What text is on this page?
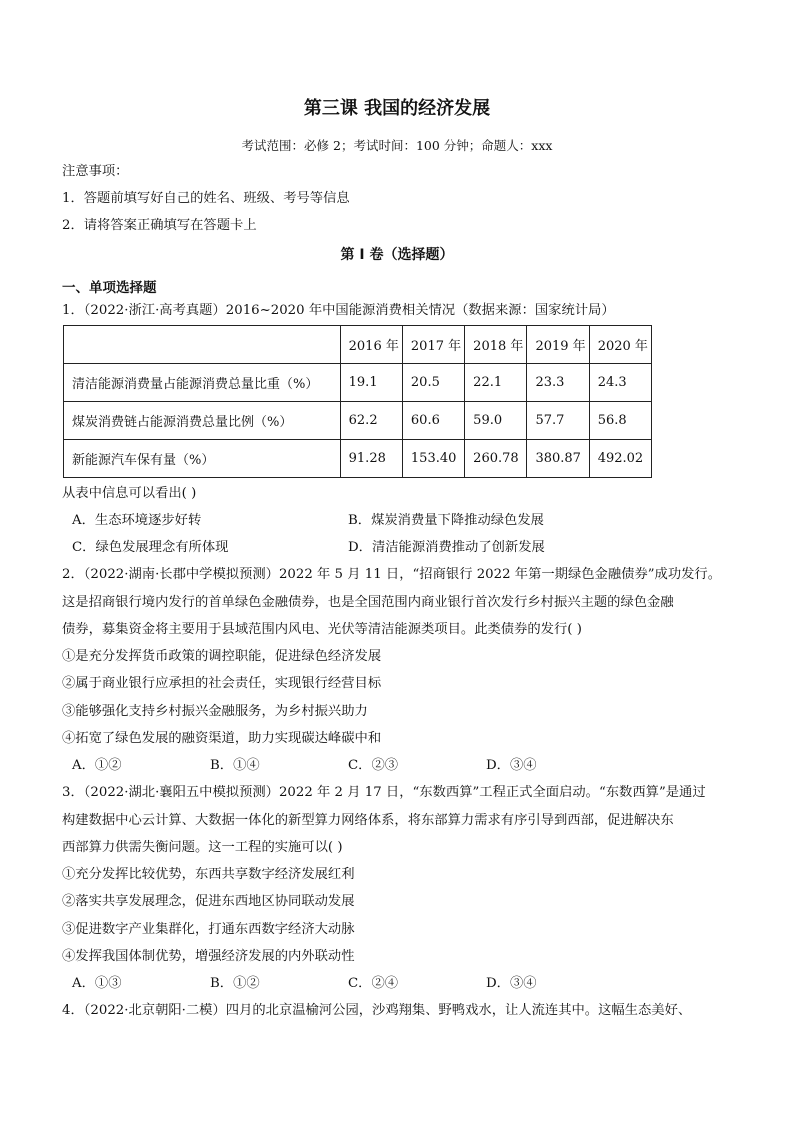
第三课 我国的经济发展
考试范围：必修 2；考试时间：100 分钟；命题人：xxx
注意事项：
1．答题前填写好自己的姓名、班级、考号等信息
2．请将答案正确填写在答题卡上
第 I 卷（选择题）
一、单项选择题
1．（2022·浙江·高考真题）2016~2020 年中国能源消费相关情况（数据来源：国家统计局）
	2016 年	2017 年	2018 年	2019 年	2020 年
清洁能源消费量占能源消费总量比重（%）	19.1	20.5	22.1	23.3	24.3
煤炭消费链占能源消费总量比例（%）	62.2	60.6	59.0	57.7	56.8
新能源汽车保有量（%）	91.28	153.40	260.78	380.87	492.02
从表中信息可以看出( )
A．生态环境逐步好转	B．煤炭消费量下降推动绿色发展
C．绿色发展理念有所体现	D．清洁能源消费推动了创新发展
2．（2022·湖南·长郡中学模拟预测）2022 年 5 月 11 日，“招商银行 2022 年第一期绿色金融债券”成功发行。
这是招商银行境内发行的首单绿色金融债券，也是全国范围内商业银行首次发行乡村振兴主题的绿色金融
债券，募集资金将主要用于县域范围内风电、光伏等清洁能源类项目。此类债券的发行( )
①是充分发挥货币政策的调控职能，促进绿色经济发展
②属于商业银行应承担的社会责任，实现银行经营目标
③能够强化支持乡村振兴金融服务，为乡村振兴助力
④拓宽了绿色发展的融资渠道，助力实现碳达峰碳中和
A．①②	B．①④	C．②③	D．③④
3．（2022·湖北·襄阳五中模拟预测）2022 年 2 月 17 日，“东数西算”工程正式全面启动。“东数西算”是通过
构建数据中心云计算、大数据一体化的新型算力网络体系，将东部算力需求有序引导到西部，促进解决东
西部算力供需失衡问题。这一工程的实施可以( )
①充分发挥比较优势，东西共享数字经济发展红利
②落实共享发展理念，促进东西地区协同联动发展
③促进数字产业集群化，打通东西数字经济大动脉
④发挥我国体制优势，增强经济发展的内外联动性
A．①③	B．①②	C．②④	D．③④
4．（2022·北京朝阳·二模）四月的北京温榆河公园，沙鸡翔集、野鸭戏水，让人流连其中。这幅生态美好、
